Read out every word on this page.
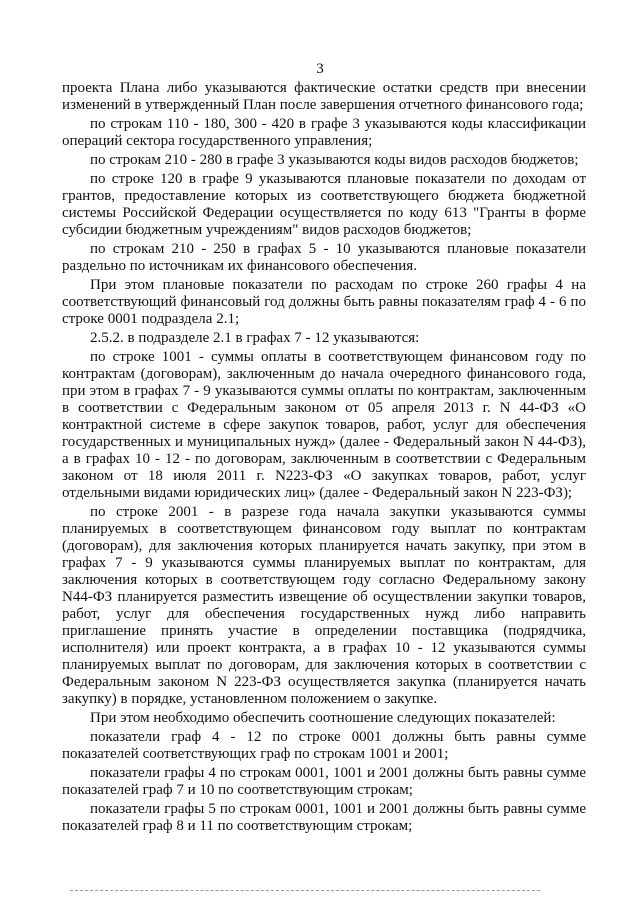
3

проекта Плана либо указываются фактические остатки средств при внесении изменений в утвержденный План после завершения отчетного финансового года;

по строкам 110 - 180, 300 - 420 в графе 3 указываются коды классификации операций сектора государственного управления;

по строкам 210 - 280 в графе 3 указываются коды видов расходов бюджетов;

по строке 120 в графе 9 указываются плановые показатели по доходам от грантов, предоставление которых из соответствующего бюджета бюджетной системы Российской Федерации осуществляется по коду 613 "Гранты в форме субсидии бюджетным учреждениям" видов расходов бюджетов;

по строкам 210 - 250 в графах 5 - 10 указываются плановые показатели раздельно по источникам их финансового обеспечения.

При этом плановые показатели по расходам по строке 260 графы 4 на соответствующий финансовый год должны быть равны показателям граф 4 - 6 по строке 0001 подраздела 2.1;

2.5.2. в подразделе 2.1 в графах 7 - 12 указываются:

по строке 1001 - суммы оплаты в соответствующем финансовом году по контрактам (договорам), заключенным до начала очередного финансового года, при этом в графах 7 - 9 указываются суммы оплаты по контрактам, заключенным в соответствии с Федеральным законом от 05 апреля 2013 г. N 44-ФЗ «О контрактной системе в сфере закупок товаров, работ, услуг для обеспечения государственных и муниципальных нужд» (далее - Федеральный закон N 44-ФЗ), а в графах 10 - 12 - по договорам, заключенным в соответствии с Федеральным законом от 18 июля 2011 г. N223-ФЗ «О закупках товаров, работ, услуг отдельными видами юридических лиц» (далее - Федеральный закон N 223-ФЗ);

по строке 2001 - в разрезе года начала закупки указываются суммы планируемых в соответствующем финансовом году выплат по контрактам (договорам), для заключения которых планируется начать закупку, при этом в графах 7 - 9 указываются суммы планируемых выплат по контрактам, для заключения которых в соответствующем году согласно Федеральному закону N44-ФЗ планируется разместить извещение об осуществлении закупки товаров, работ, услуг для обеспечения государственных нужд либо направить приглашение принять участие в определении поставщика (подрядчика, исполнителя) или проект контракта, а в графах 10 - 12 указываются суммы планируемых выплат по договорам, для заключения которых в соответствии с Федеральным законом N 223-ФЗ осуществляется закупка (планируется начать закупку) в порядке, установленном положением о закупке.

При этом необходимо обеспечить соотношение следующих показателей:

показатели граф 4 - 12 по строке 0001 должны быть равны сумме показателей соответствующих граф по строкам 1001 и 2001;

показатели графы 4 по строкам 0001, 1001 и 2001 должны быть равны сумме показателей граф 7 и 10 по соответствующим строкам;

показатели графы 5 по строкам 0001, 1001 и 2001 должны быть равны сумме показателей граф 8 и 11 по соответствующим строкам;
